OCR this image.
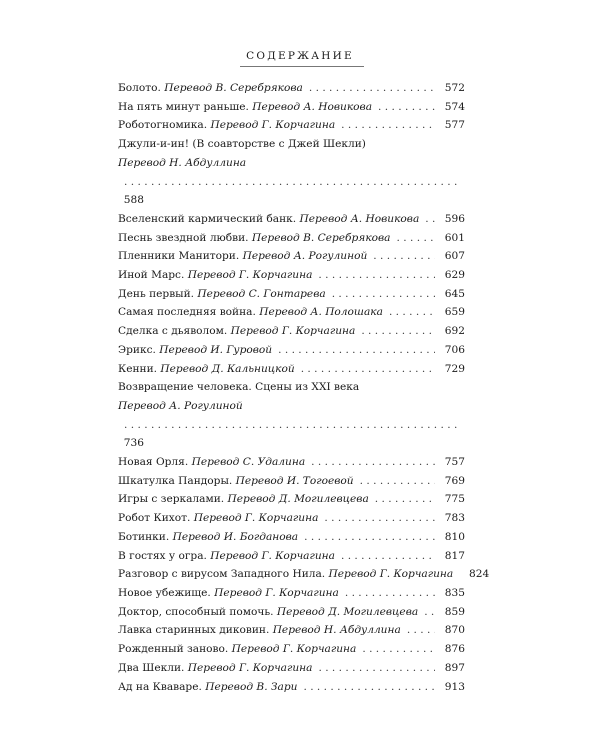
СОДЕРЖАНИЕ
Болото. Перевод В. Серебрякова . . .	572
На пять минут раньше. Перевод А. Новикова . . .	574
Роботогномика. Перевод Г. Корчагина . . .	577
Джули-и-ин! (В соавторстве с Джей Шекли)
Перевод Н. Абдуллина
. . .
588
Вселенский кармический банк. Перевод А. Новикова . . .	596
Песнь звездной любви. Перевод В. Серебрякова . . .	601
Пленники Манитори. Перевод А. Рогулиной . . .	607
Иной Марс. Перевод Г. Корчагина . . .	629
День первый. Перевод С. Гонтарева . . .	645
Самая последняя война. Перевод А. Полошака . . .	659
Сделка с дьяволом. Перевод Г. Корчагина . . .	692
Эрикс. Перевод И. Гуровой . . .	706
Кенни. Перевод Д. Кальницкой . . .	729
Возвращение человека. Сцены из XXI века
Перевод А. Рогулиной
. . .
736
Новая Орля. Перевод С. Удалина . . .	757
Шкатулка Пандоры. Перевод И. Тогоевой . . .	769
Игры с зеркалами. Перевод Д. Могилевцева . . .	775
Робот Кихот. Перевод Г. Корчагина . . .	783
Ботинки. Перевод И. Богданова . . .	810
В гостях у огра. Перевод Г. Корчагина . . .	817
Разговор с вирусом Западного Нила. Перевод Г. Корчагина	824
Новое убежище. Перевод Г. Корчагина . . .	835
Доктор, способный помочь. Перевод Д. Могилевцева . . .	859
Лавка старинных диковин. Перевод Н. Абдуллина . . .	870
Рожденный заново. Перевод Г. Корчагина . . .	876
Два Шекли. Перевод Г. Корчагина . . .	897
Ад на Кваваре. Перевод В. Зари . . .	913
